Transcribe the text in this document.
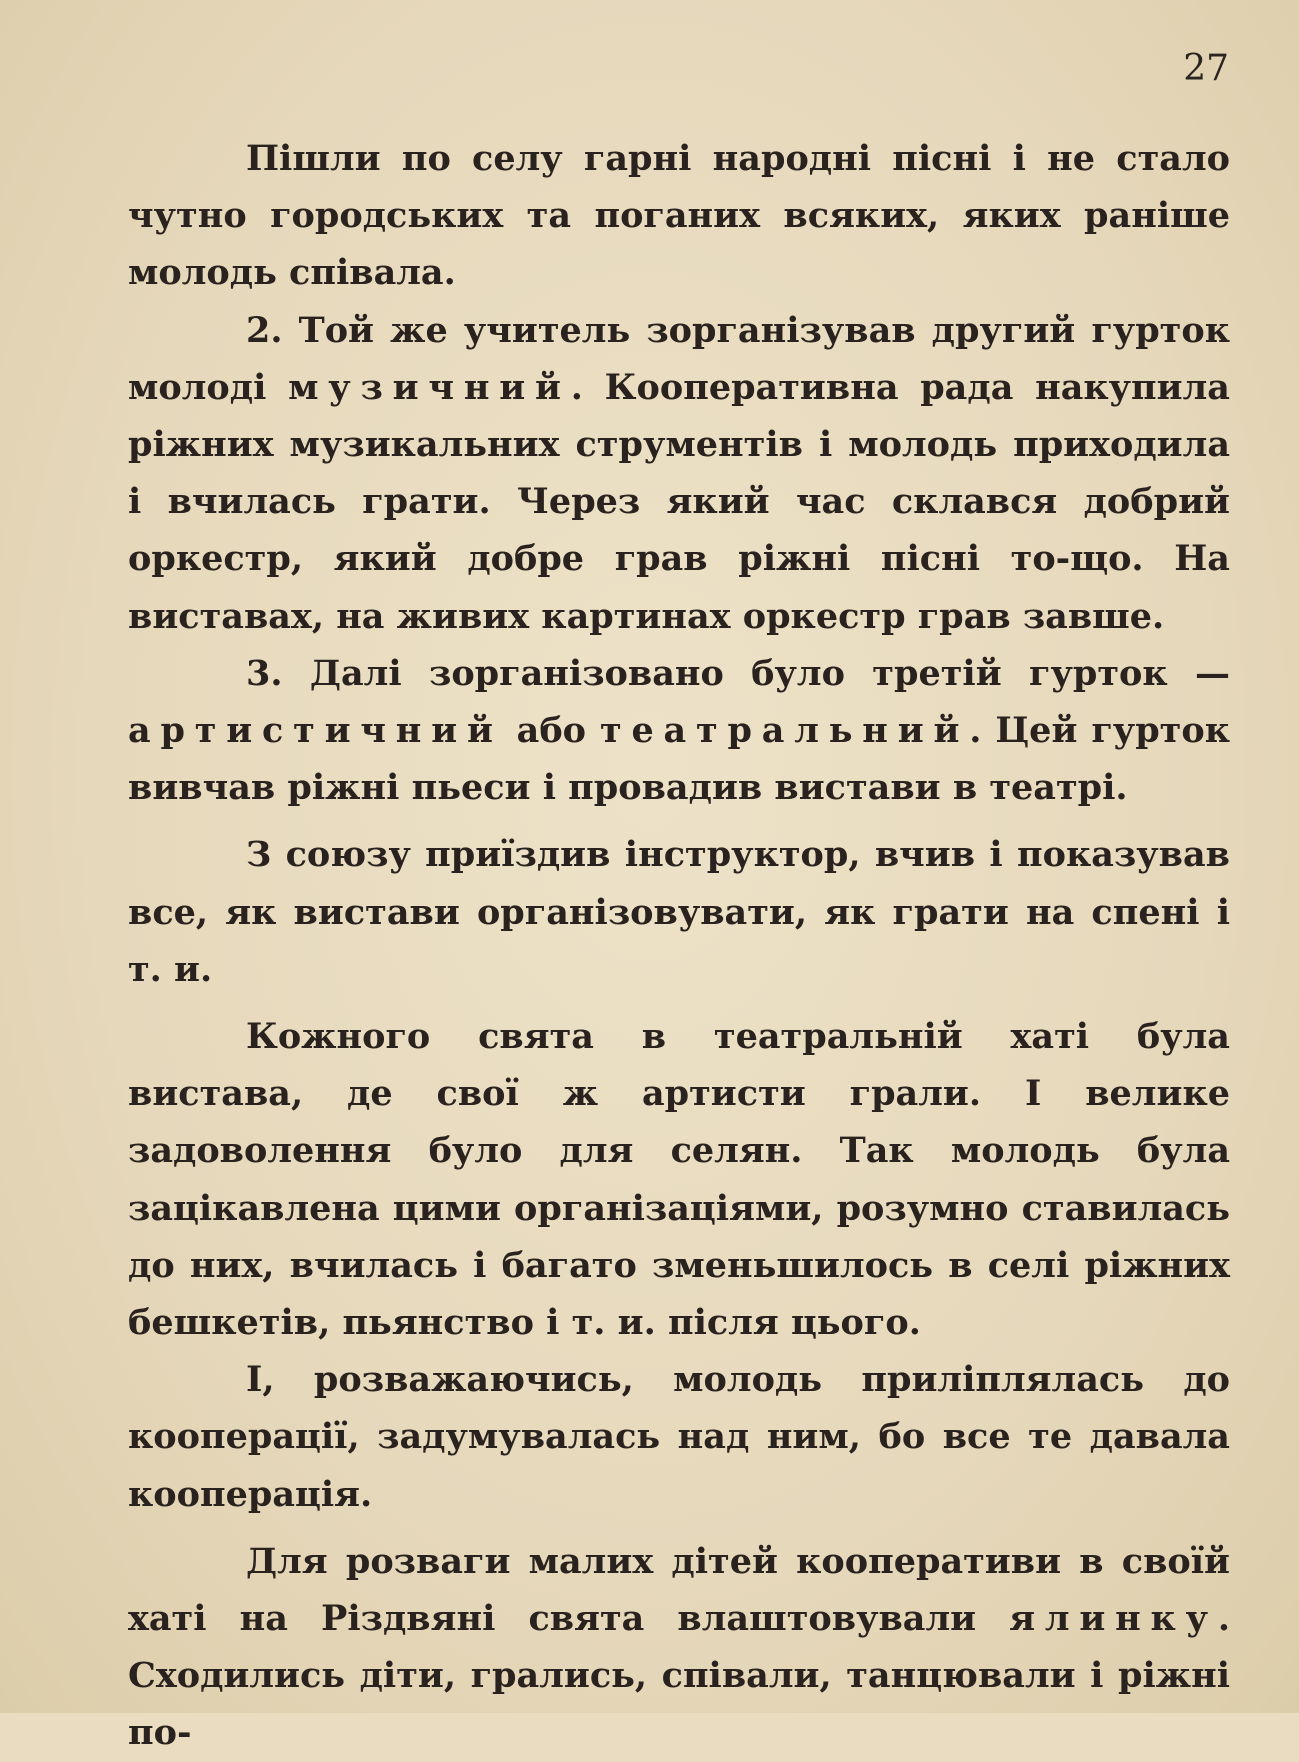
27

Пішли по селу гарні народні пісні і не стало чутно городських та поганих всяких, яких раніше молодь співала.

2. Той же учитель зорганізував другий гурток молоді музичний. Кооперативна рада накупила ріжних музикальних струментів і молодь приходила і вчилась грати. Через який час склався добрий оркестр, який добре грав ріжні пісні то-що. На виставах, на живих картинах оркестр грав завше.

3. Далі зорганізовано було третій гурток — артистичний або театральний. Цей гурток вивчав ріжні пьеси і провадив вистави в театрі.

З союзу приїздив інструктор, вчив і показував все, як вистави організовувати, як грати на спені і т. и.

Кожного свята в театральній хаті була вистава, де свої ж артисти грали. І велике задоволення було для селян. Так молодь була зацікавлена цими організаціями, розумно ставилась до них, вчилась і багато зменьшилось в селі ріжних бешкетів, пьянство і т. и. після цього.

І, розважаючись, молодь приліплялась до кооперації, задумувалась над ним, бо все те давала кооперація.

Для розваги малих дітей кооперативи в своїй хаті на Різдвяні свята влаштовували ялинку. Сходились діти, грались, співали, танцювали і ріжні по-
